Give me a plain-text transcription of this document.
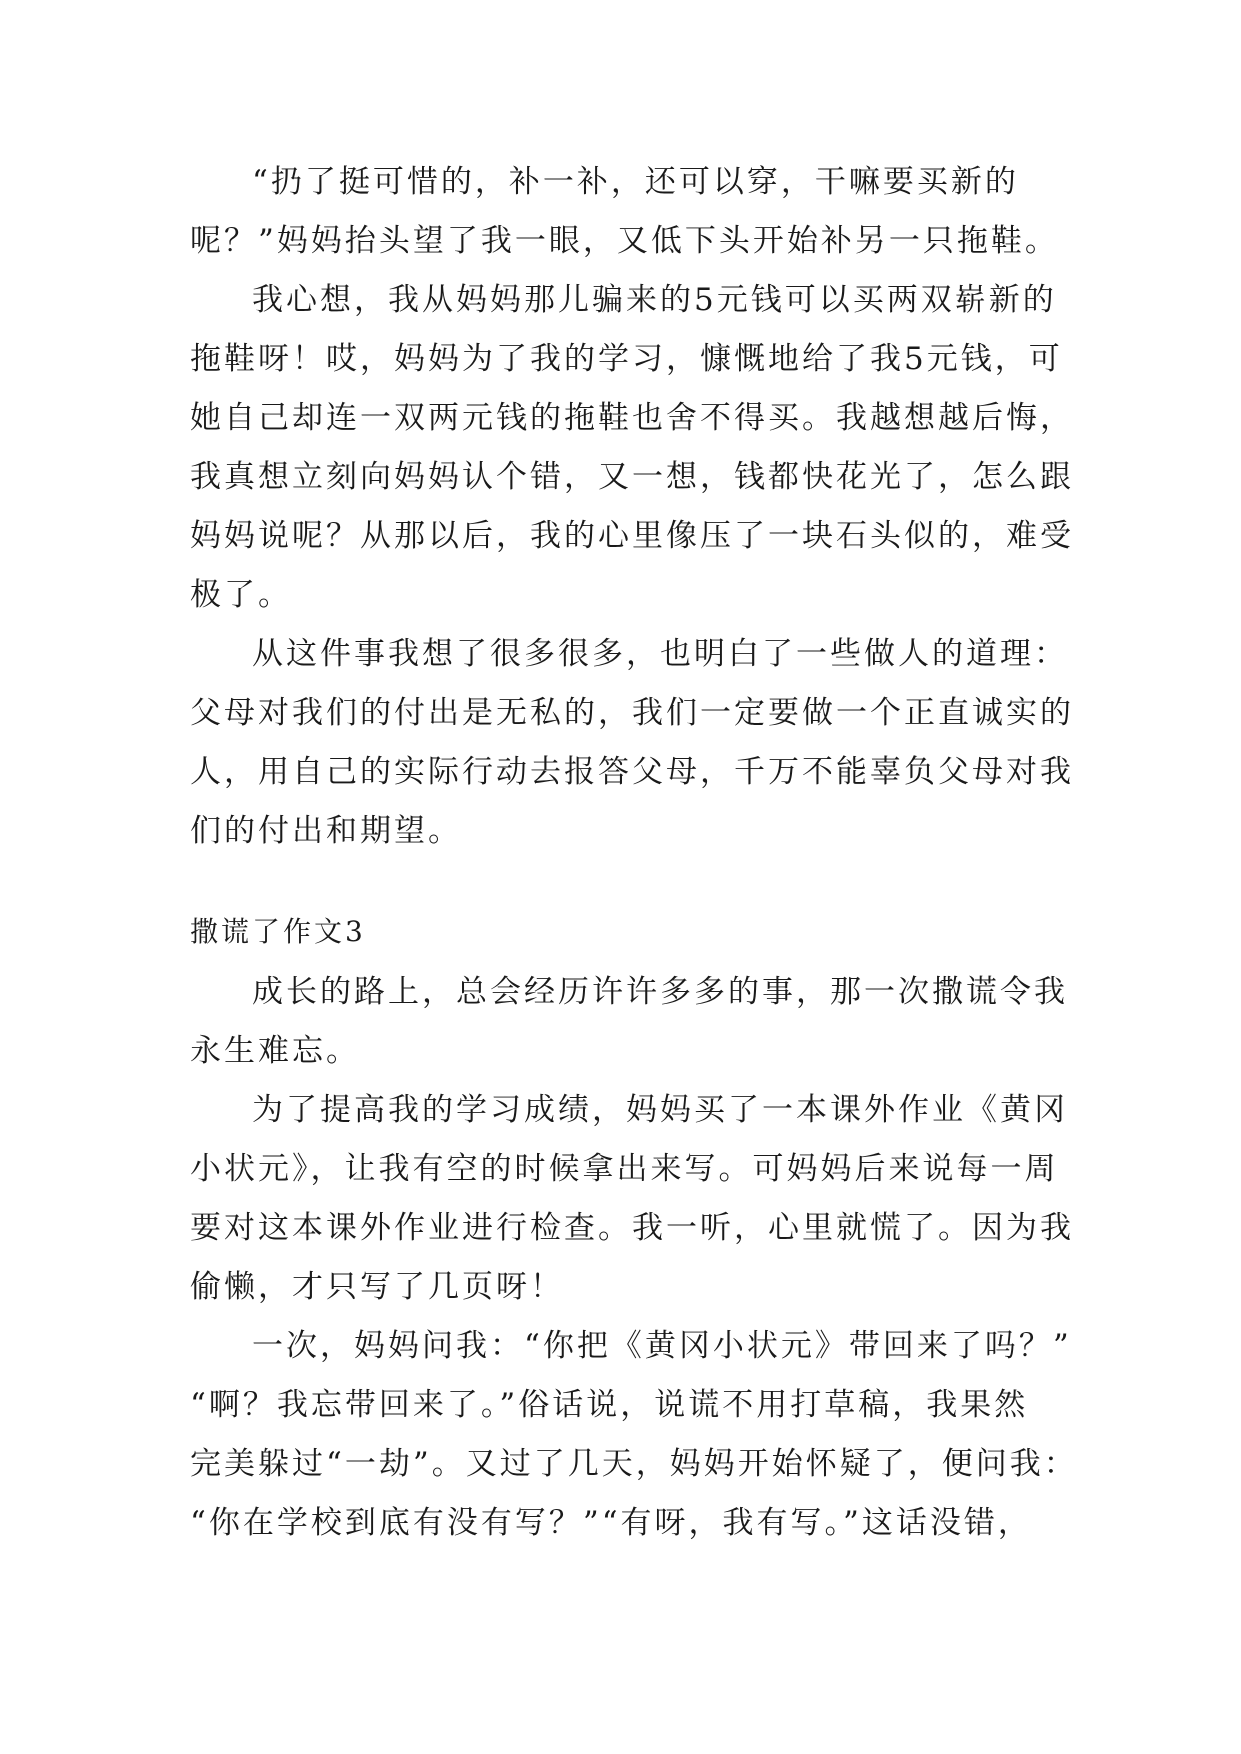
“扔了挺可惜的，补一补，还可以穿，干嘛要买新的
呢？”妈妈抬头望了我一眼，又低下头开始补另一只拖鞋。
我心想，我从妈妈那儿骗来的5元钱可以买两双崭新的
拖鞋呀！哎，妈妈为了我的学习，慷慨地给了我5元钱，可
她自己却连一双两元钱的拖鞋也舍不得买。我越想越后悔，
我真想立刻向妈妈认个错，又一想，钱都快花光了，怎么跟
妈妈说呢？从那以后，我的心里像压了一块石头似的，难受
极了。
从这件事我想了很多很多，也明白了一些做人的道理：
父母对我们的付出是无私的，我们一定要做一个正直诚实的
人，用自己的实际行动去报答父母，千万不能辜负父母对我
们的付出和期望。
撒谎了作文3
成长的路上，总会经历许许多多的事，那一次撒谎令我
永生难忘。
为了提高我的学习成绩，妈妈买了一本课外作业《黄冈
小状元》，让我有空的时候拿出来写。可妈妈后来说每一周
要对这本课外作业进行检查。我一听，心里就慌了。因为我
偷懒，才只写了几页呀！
一次，妈妈问我：“你把《黄冈小状元》带回来了吗？”
“啊？我忘带回来了。”俗话说，说谎不用打草稿，我果然
完美躲过“一劫”。又过了几天，妈妈开始怀疑了，便问我：
“你在学校到底有没有写？”“有呀，我有写。”这话没错，
